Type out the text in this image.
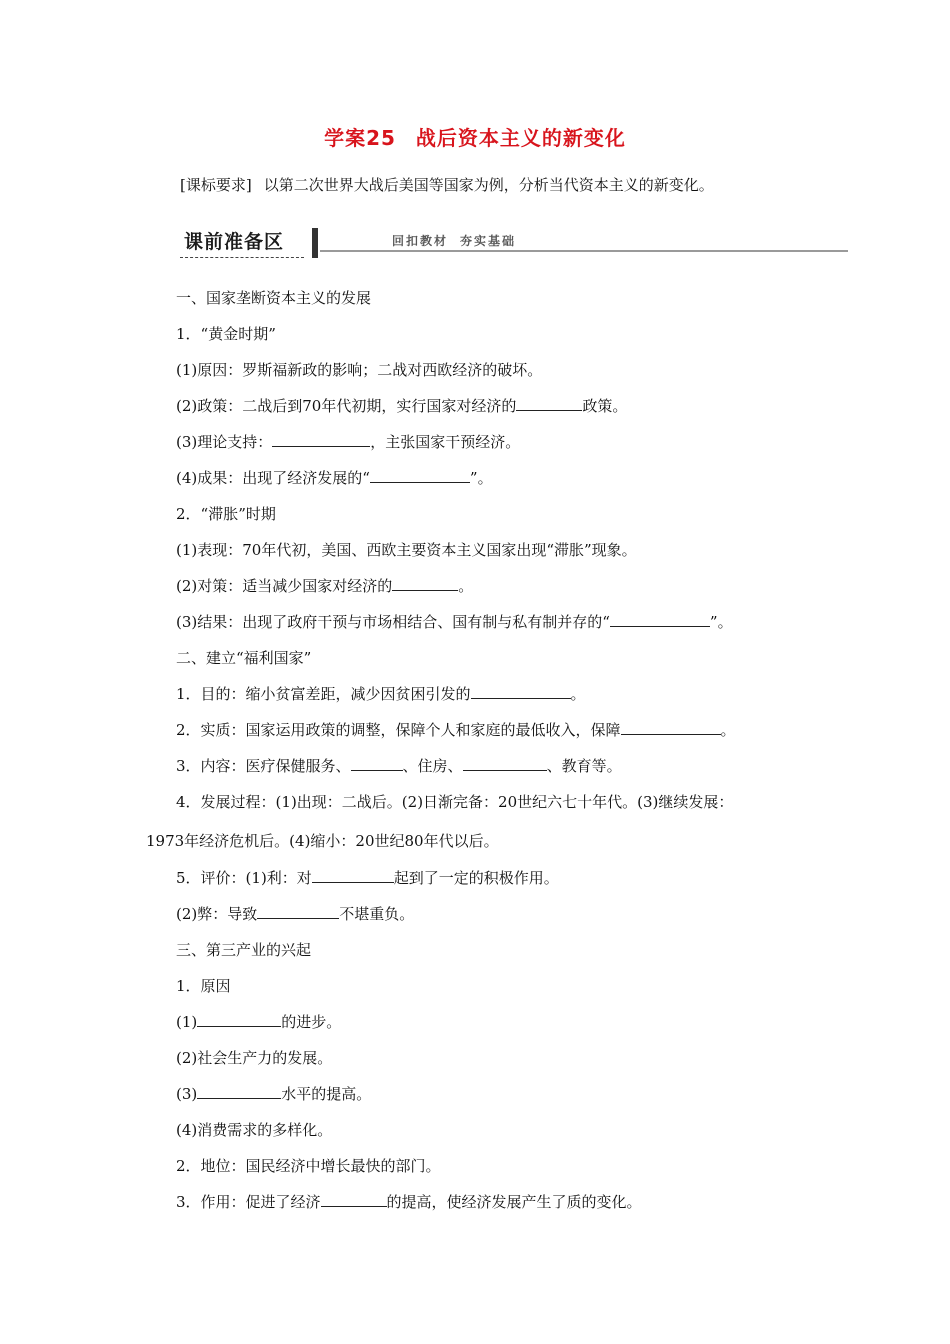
学案25 战后资本主义的新变化
[课标要求] 以第二次世界大战后美国等国家为例，分析当代资本主义的新变化。
课前准备区	回扣教材 夯实基础
一、国家垄断资本主义的发展
1．“黄金时期”
(1)原因：罗斯福新政的影响；二战对西欧经济的破坏。
(2)政策：二战后到70年代初期，实行国家对经济的	政策。
(3)理论支持：	，主张国家干预经济。
(4)成果：出现了经济发展的“	”。
2．“滞胀”时期
(1)表现：70年代初，美国、西欧主要资本主义国家出现“滞胀”现象。
(2)对策：适当减少国家对经济的	。
(3)结果：出现了政府干预与市场相结合、国有制与私有制并存的“	”。
二、建立“福利国家”
1．目的：缩小贫富差距，减少因贫困引发的	。
2．实质：国家运用政策的调整，保障个人和家庭的最低收入，保障	。
3．内容：医疗保健服务、	、住房、	、教育等。
4．发展过程：(1)出现：二战后。(2)日渐完备：20世纪六七十年代。(3)继续发展：
1973年经济危机后。(4)缩小：20世纪80年代以后。
5．评价：(1)利：对	起到了一定的积极作用。
(2)弊：导致	不堪重负。
三、第三产业的兴起
1．原因
(1)	的进步。
(2)社会生产力的发展。
(3)	水平的提高。
(4)消费需求的多样化。
2．地位：国民经济中增长最快的部门。
3．作用：促进了经济	的提高，使经济发展产生了质的变化。
